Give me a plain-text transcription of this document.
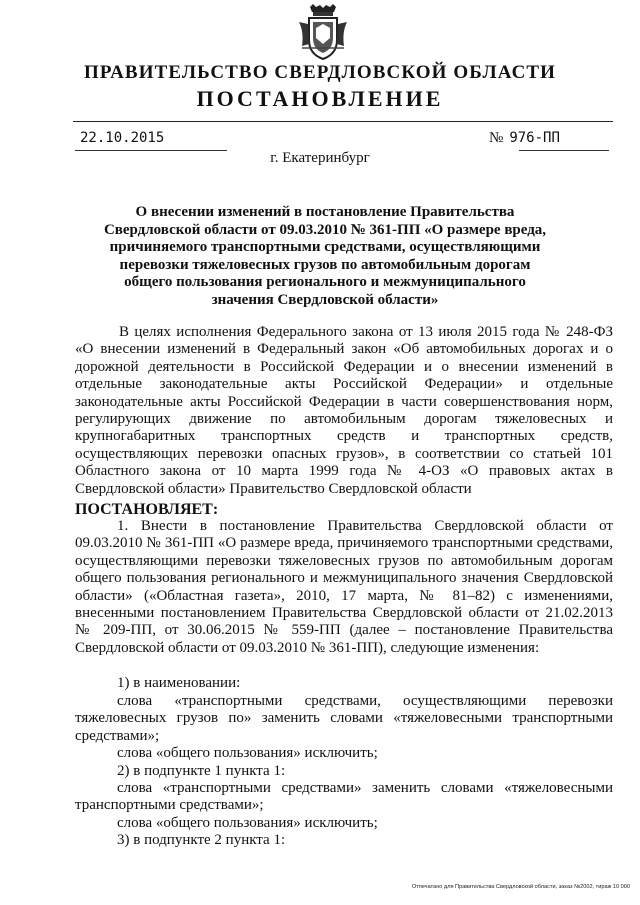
ПРАВИТЕЛЬСТВО СВЕРДЛОВСКОЙ ОБЛАСТИ
ПОСТАНОВЛЕНИЕ
22.10.2015	№ 976-ПП
г. Екатеринбург
О внесении изменений в постановление Правительства Свердловской области от 09.03.2010 № 361-ПП «О размере вреда, причиняемого транспортными средствами, осуществляющими перевозки тяжеловесных грузов по автомобильным дорогам общего пользования регионального и межмуниципального значения Свердловской области»

В целях исполнения Федерального закона от 13 июля 2015 года № 248-ФЗ «О внесении изменений в Федеральный закон «Об автомобильных дорогах и о дорожной деятельности в Российской Федерации и о внесении изменений в отдельные законодательные акты Российской Федерации» и отдельные законодательные акты Российской Федерации в части совершенствования норм, регулирующих движение по автомобильным дорогам тяжеловесных и крупногабаритных транспортных средств и транспортных средств, осуществляющих перевозки опасных грузов», в соответствии со статьей 101 Областного закона от 10 марта 1999 года № 4-ОЗ «О правовых актах в Свердловской области» Правительство Свердловской области

ПОСТАНОВЛЯЕТ:

1. Внести в постановление Правительства Свердловской области от 09.03.2010 № 361-ПП «О размере вреда, причиняемого транспортными средствами, осуществляющими перевозки тяжеловесных грузов по автомобильным дорогам общего пользования регионального и межмуниципального значения Свердловской области» («Областная газета», 2010, 17 марта, № 81–82) с изменениями, внесенными постановлением Правительства Свердловской области от 21.02.2013 № 209-ПП, от 30.06.2015 № 559-ПП (далее – постановление Правительства Свердловской области от 09.03.2010 № 361-ПП), следующие изменения:

1) в наименовании:

слова «транспортными средствами, осуществляющими перевозки тяжеловесных грузов по» заменить словами «тяжеловесными транспортными средствами»;

слова «общего пользования» исключить;

2) в подпункте 1 пункта 1:

слова «транспортными средствами» заменить словами «тяжеловесными транспортными средствами»;

слова «общего пользования» исключить;

3) в подпункте 2 пункта 1:

Отпечатано для Правительства Свердловской области, заказ №2002, тираж 10 000
